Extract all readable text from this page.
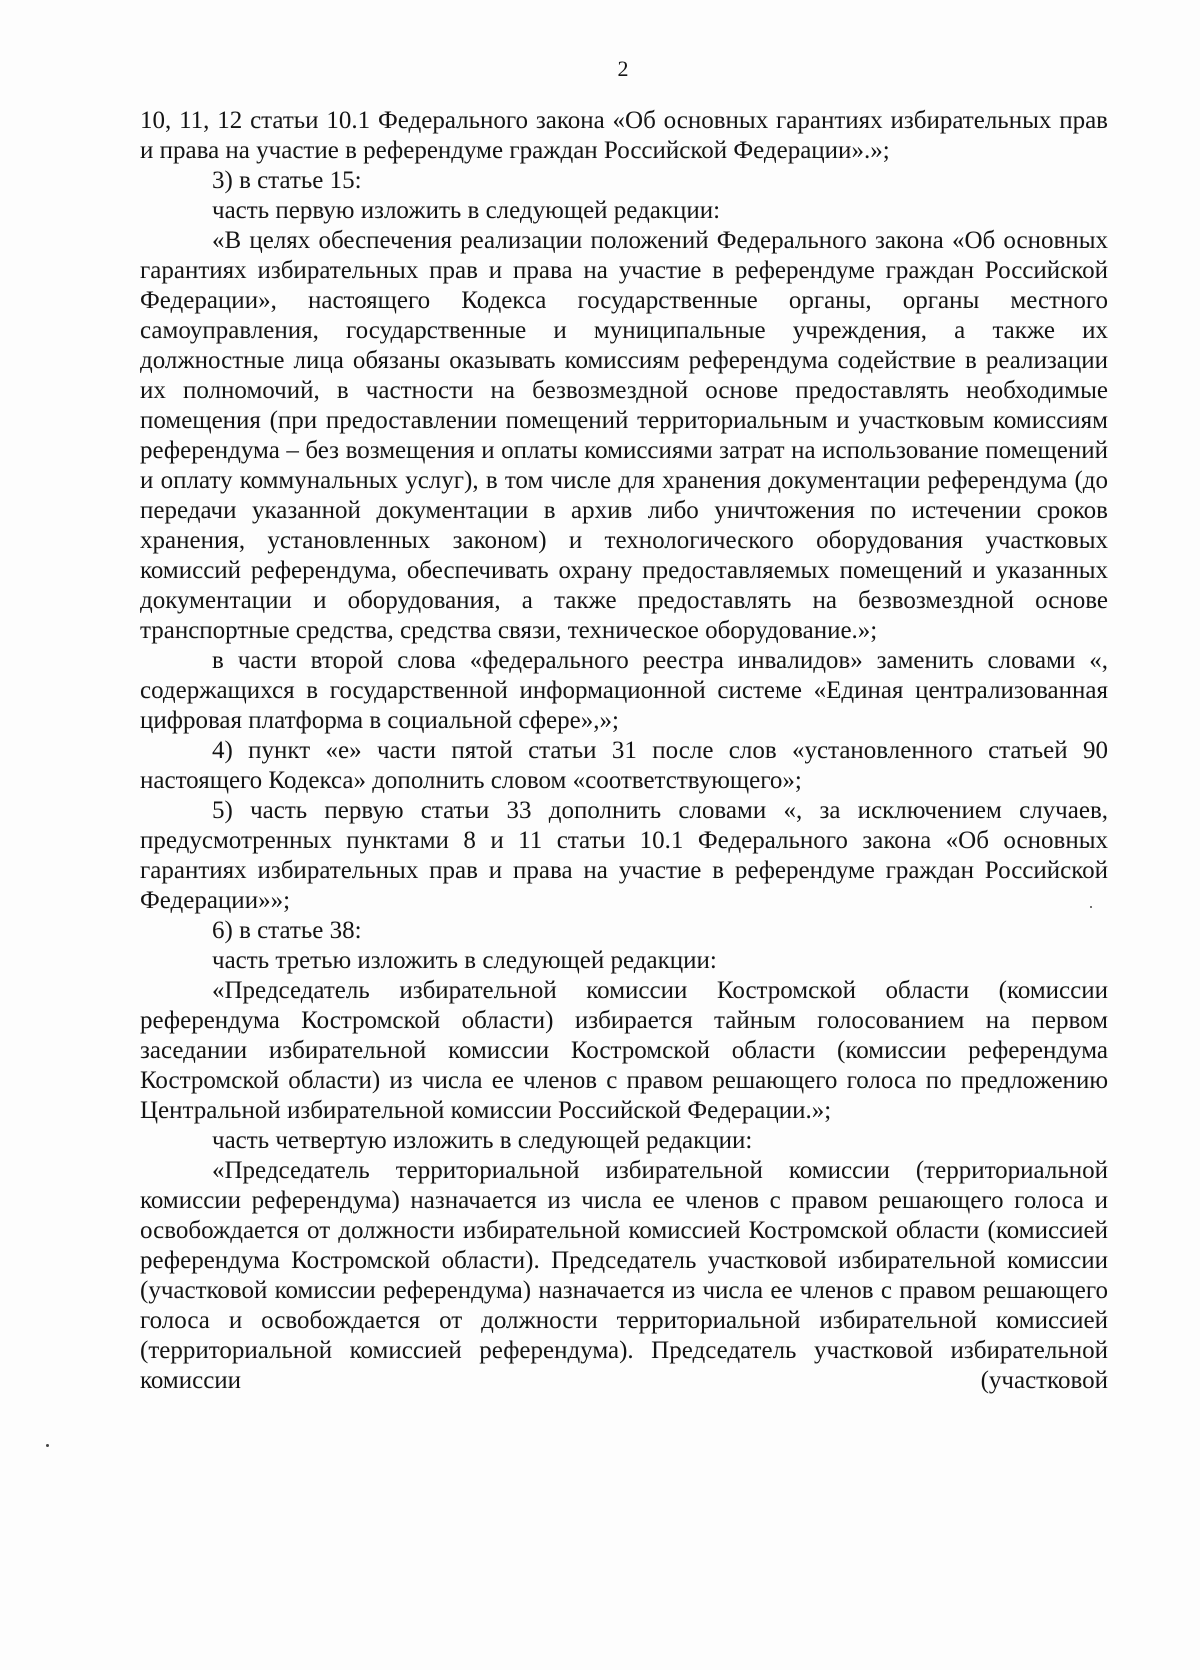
2

10, 11, 12 статьи 10.1 Федерального закона «Об основных гарантиях избирательных прав и права на участие в референдуме граждан Российской Федерации».»;

3) в статье 15:

часть первую изложить в следующей редакции:

«В целях обеспечения реализации положений Федерального закона «Об основных гарантиях избирательных прав и права на участие в референдуме граждан Российской Федерации», настоящего Кодекса государственные органы, органы местного самоуправления, государственные и муниципальные учреждения, а также их должностные лица обязаны оказывать комиссиям референдума содействие в реализации их полномочий, в частности на безвозмездной основе предоставлять необходимые помещения (при предоставлении помещений территориальным и участковым комиссиям референдума – без возмещения и оплаты комиссиями затрат на использование помещений и оплату коммунальных услуг), в том числе для хранения документации референдума (до передачи указанной документации в архив либо уничтожения по истечении сроков хранения, установленных законом) и технологического оборудования участковых комиссий референдума, обеспечивать охрану предоставляемых помещений и указанных документации и оборудования, а также предоставлять на безвозмездной основе транспортные средства, средства связи, техническое оборудование.»;

в части второй слова «федерального реестра инвалидов» заменить словами «, содержащихся в государственной информационной системе «Единая централизованная цифровая платформа в социальной сфере»,»;

4) пункт «е» части пятой статьи 31 после слов «установленного статьей 90 настоящего Кодекса» дополнить словом «соответствующего»;

5) часть первую статьи 33 дополнить словами «, за исключением случаев, предусмотренных пунктами 8 и 11 статьи 10.1 Федерального закона «Об основных гарантиях избирательных прав и права на участие в референдуме граждан Российской Федерации»»;

6) в статье 38:

часть третью изложить в следующей редакции:

«Председатель избирательной комиссии Костромской области (комиссии референдума Костромской области) избирается тайным голосованием на первом заседании избирательной комиссии Костромской области (комиссии референдума Костромской области) из числа ее членов с правом решающего голоса по предложению Центральной избирательной комиссии Российской Федерации.»;

часть четвертую изложить в следующей редакции:

«Председатель территориальной избирательной комиссии (территориальной комиссии референдума) назначается из числа ее членов с правом решающего голоса и освобождается от должности избирательной комиссией Костромской области (комиссией референдума Костромской области). Председатель участковой избирательной комиссии (участковой комиссии референдума) назначается из числа ее членов с правом решающего голоса и освобождается от должности территориальной избирательной комиссией (территориальной комиссией референдума). Председатель участковой избирательной комиссии (участковой
